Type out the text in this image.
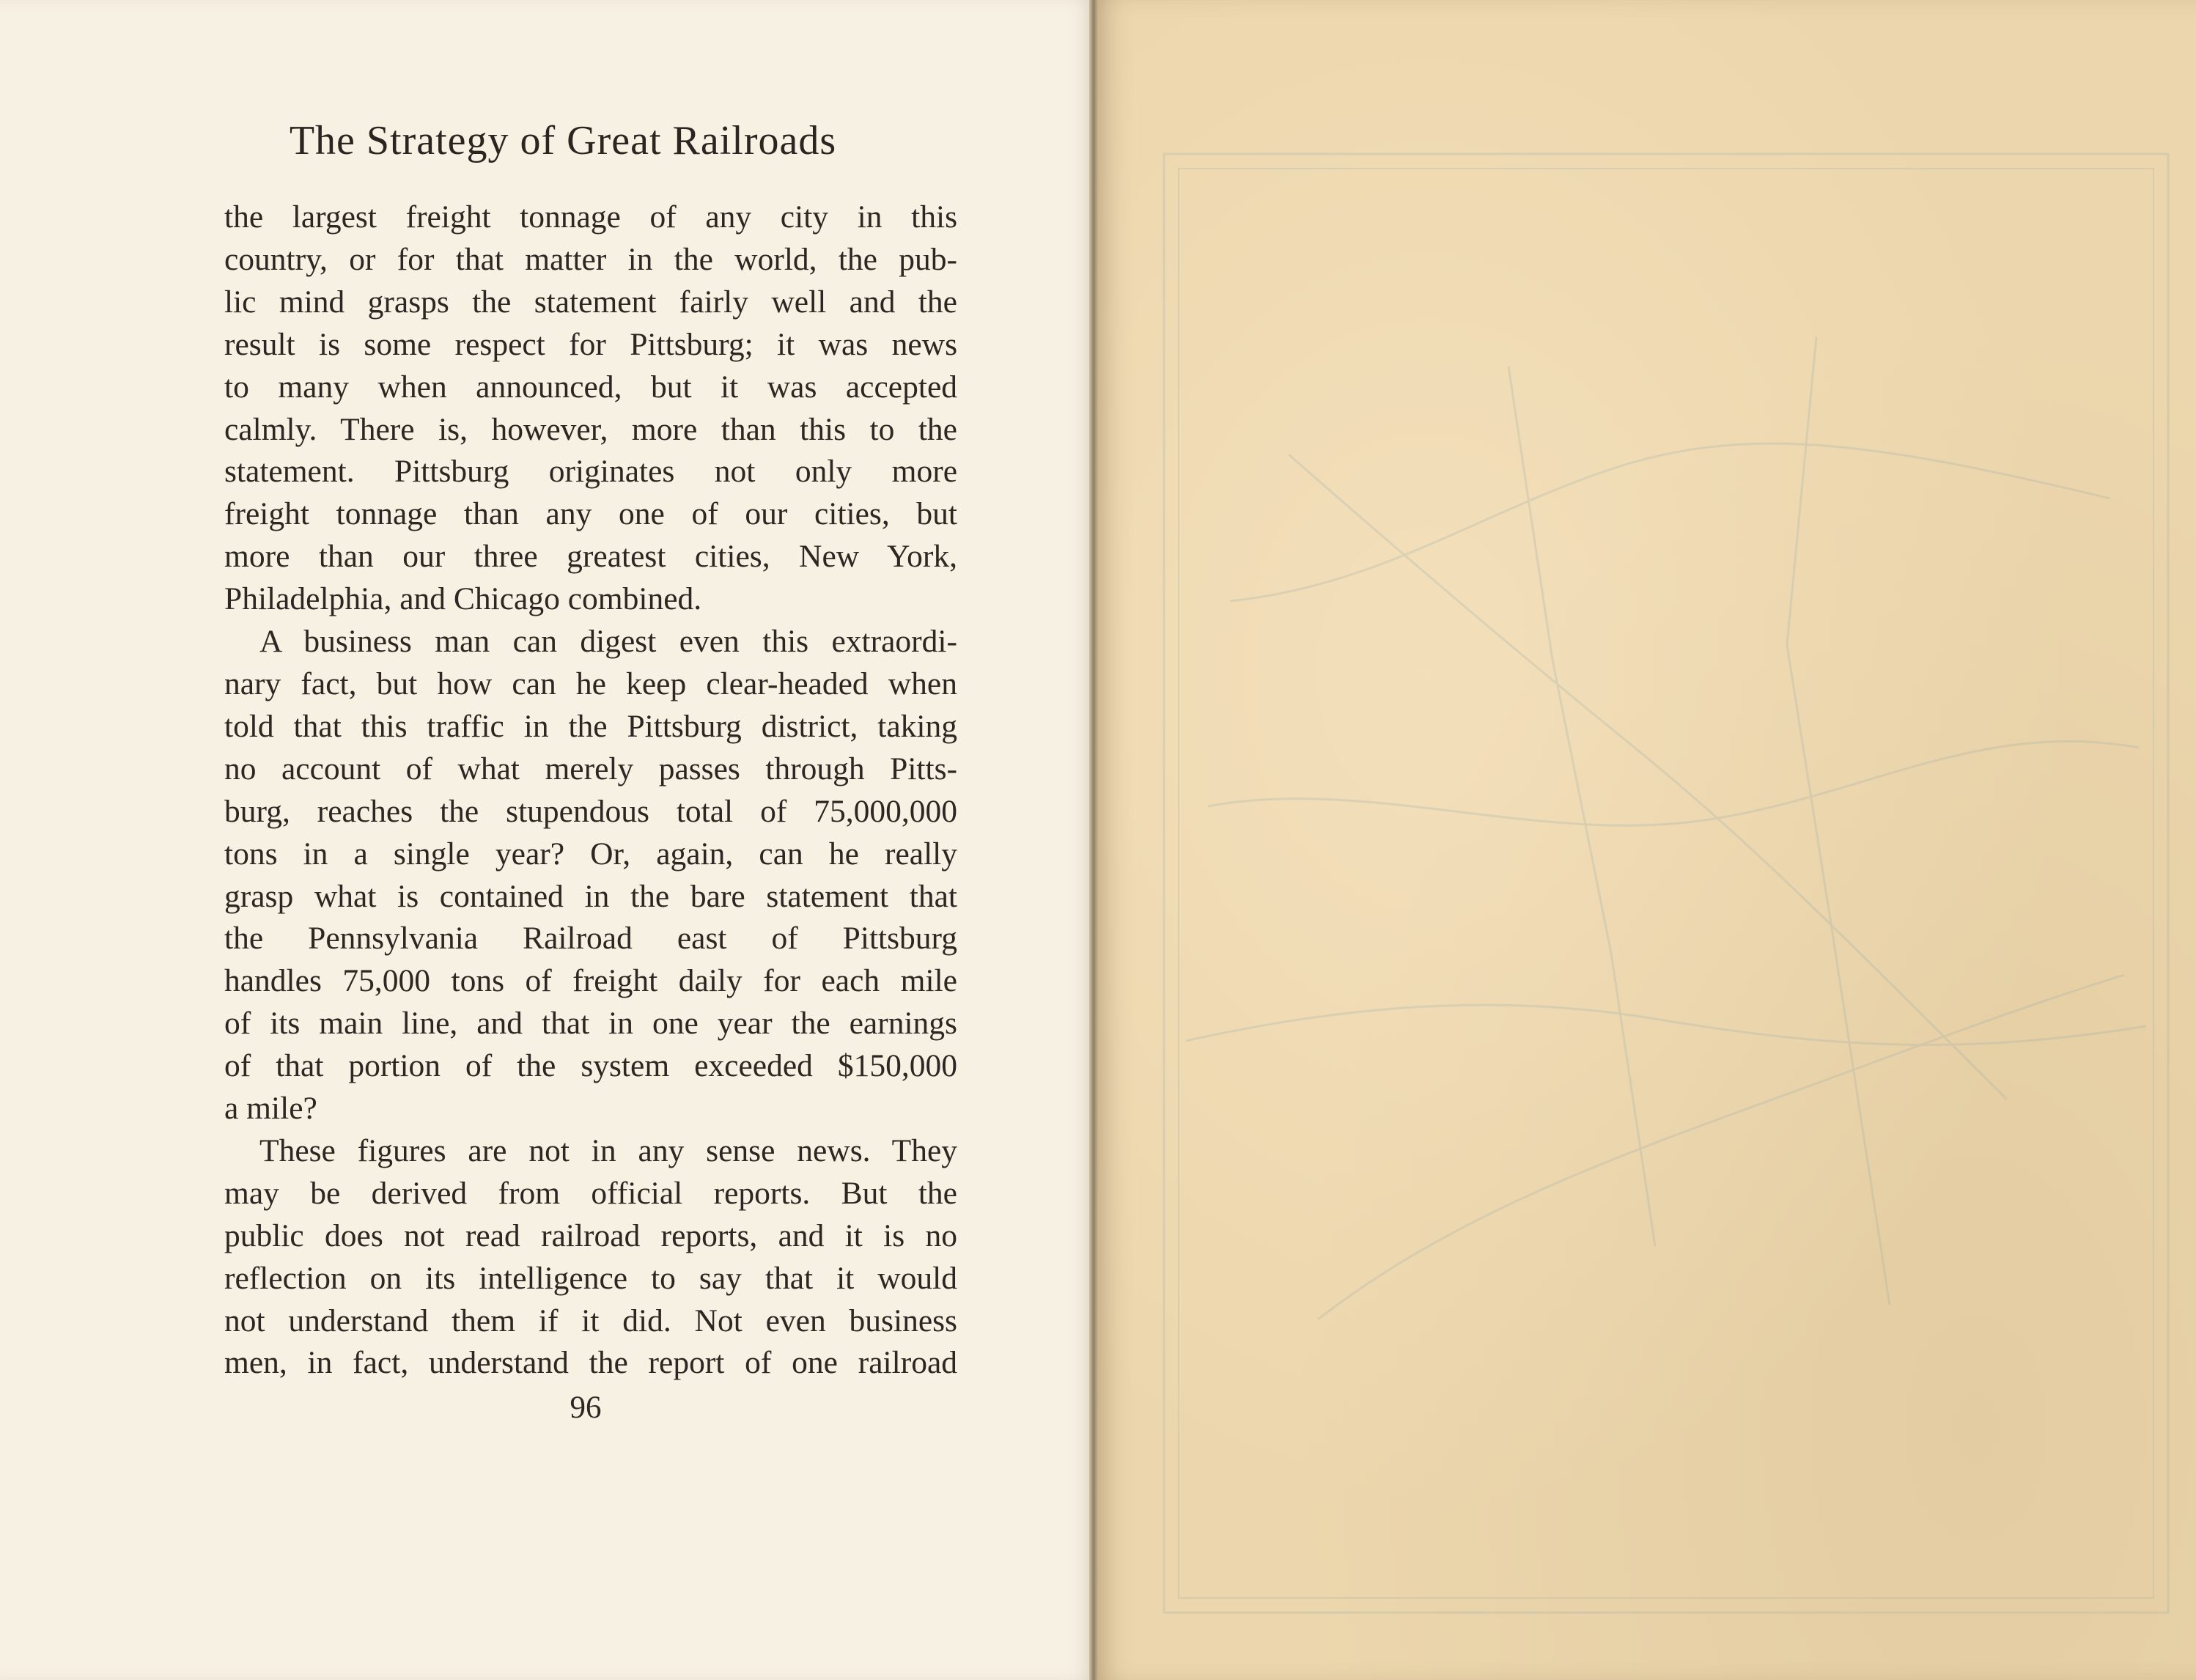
The Strategy of Great Railroads

the largest freight tonnage of any city in this
country, or for that matter in the world, the pub-
lic mind grasps the statement fairly well and the
result is some respect for Pittsburg; it was news
to many when announced, but it was accepted
calmly. There is, however, more than this to the
statement. Pittsburg originates not only more
freight tonnage than any one of our cities, but
more than our three greatest cities, New York,
Philadelphia, and Chicago combined.

A business man can digest even this extraordi-
nary fact, but how can he keep clear-headed when
told that this traffic in the Pittsburg district, taking
no account of what merely passes through Pitts-
burg, reaches the stupendous total of 75,000,000
tons in a single year? Or, again, can he really
grasp what is contained in the bare statement that
the Pennsylvania Railroad east of Pittsburg
handles 75,000 tons of freight daily for each mile
of its main line, and that in one year the earnings
of that portion of the system exceeded $150,000
a mile?

These figures are not in any sense news. They
may be derived from official reports. But the
public does not read railroad reports, and it is no
reflection on its intelligence to say that it would
not understand them if it did. Not even business
men, in fact, understand the report of one railroad

96
